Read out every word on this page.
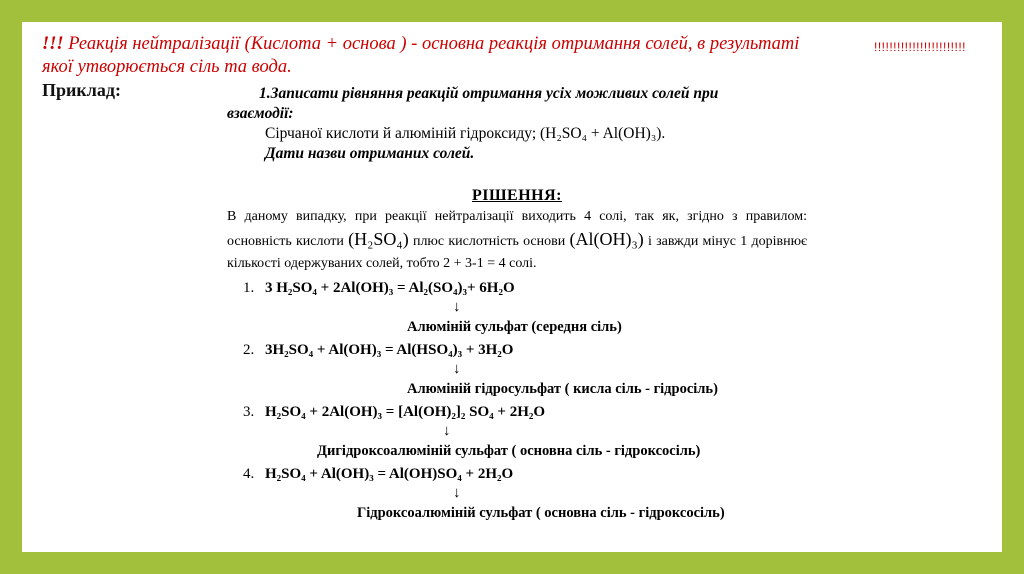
!!! Реакція нейтралізації (Кислота + основа ) - основна реакція отримання солей, в результаті якої утворюється сіль та вода.
!!!!!!!!!!!!!!!!!!!!!!!!
Приклад:	1.Записати рівняння реакцій отримання усіх можливих солей при
взаємодії:
Сірчаної кислоти й алюміній гідроксиду; (H₂SO₄ + Al(OH)₃).
Дати назви отриманих солей.
РІШЕННЯ:
В даному випадку, при реакції нейтралізації виходить 4 солі, так як, згідно з правилом: основність кислоти (H₂SO₄) плюс кислотність основи (Al(OH)₃) і завжди мінус 1 дорівнює кількості одержуваних солей, тобто 2 + 3-1 = 4 солі.
1. 3 H₂SO₄ + 2Al(OH)₃ = Al₂(SO₄)₃+ 6H₂O
↓
Алюміній сульфат (середня сіль)
2. 3H₂SO₄ + Al(OH)₃ = Al(HSO₄)₃ + 3H₂O
↓
Алюміній гідросульфат ( кисла сіль - гідросіль)
3. H₂SO₄ + 2Al(OH)₃ = [Al(OH)₂]₂ SO₄ + 2H₂O
↓
Дигідроксоалюміній сульфат ( основна сіль - гідроксосіль)
4. H₂SO₄ + Al(OH)₃ = Al(OH)SO₄ + 2H₂O
↓
Гідроксоалюміній сульфат ( основна сіль - гідроксосіль)
